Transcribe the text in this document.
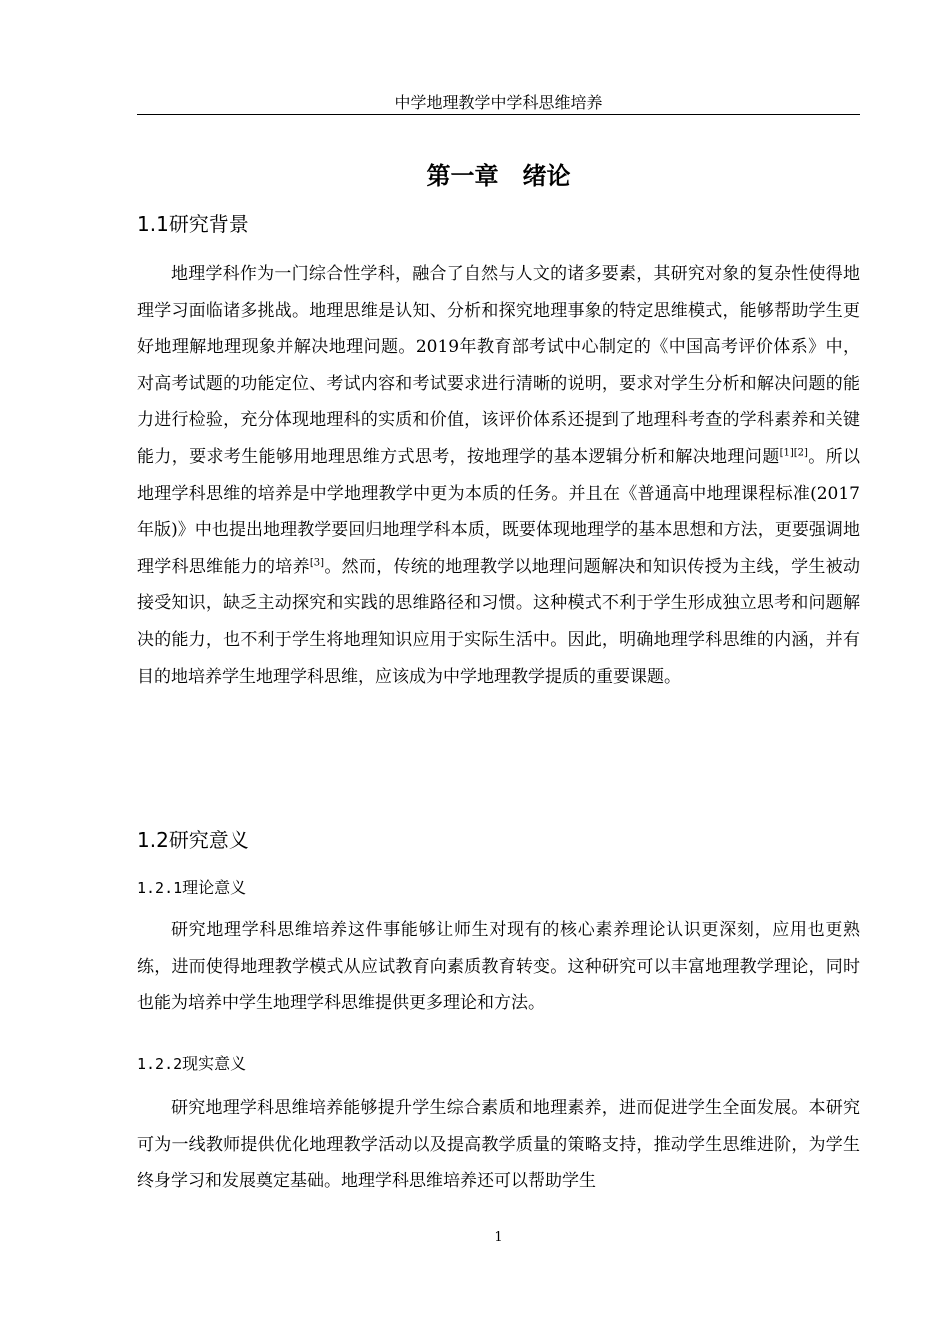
中学地理教学中学科思维培养
第一章　绪论
1.1研究背景
地理学科作为一门综合性学科，融合了自然与人文的诸多要素，其研究对象的复杂性使得地理学习面临诸多挑战。地理思维是认知、分析和探究地理事象的特定思维模式，能够帮助学生更好地理解地理现象并解决地理问题。2019年教育部考试中心制定的《中国高考评价体系》中，对高考试题的功能定位、考试内容和考试要求进行清晰的说明，要求对学生分析和解决问题的能力进行检验，充分体现地理科的实质和价值，该评价体系还提到了地理科考查的学科素养和关键能力，要求考生能够用地理思维方式思考，按地理学的基本逻辑分析和解决地理问题[1][2]。所以地理学科思维的培养是中学地理教学中更为本质的任务。并且在《普通高中地理课程标准(2017年版)》中也提出地理教学要回归地理学科本质，既要体现地理学的基本思想和方法，更要强调地理学科思维能力的培养[3]。然而，传统的地理教学以地理问题解决和知识传授为主线，学生被动接受知识，缺乏主动探究和实践的思维路径和习惯。这种模式不利于学生形成独立思考和问题解决的能力，也不利于学生将地理知识应用于实际生活中。因此，明确地理学科思维的内涵，并有目的地培养学生地理学科思维，应该成为中学地理教学提质的重要课题。
1.2研究意义
1.2.1理论意义
研究地理学科思维培养这件事能够让师生对现有的核心素养理论认识更深刻，应用也更熟练，进而使得地理教学模式从应试教育向素质教育转变。这种研究可以丰富地理教学理论，同时也能为培养中学生地理学科思维提供更多理论和方法。
1.2.2现实意义
研究地理学科思维培养能够提升学生综合素质和地理素养，进而促进学生全面发展。本研究可为一线教师提供优化地理教学活动以及提高教学质量的策略支持，推动学生思维进阶，为学生终身学习和发展奠定基础。地理学科思维培养还可以帮助学生
1
